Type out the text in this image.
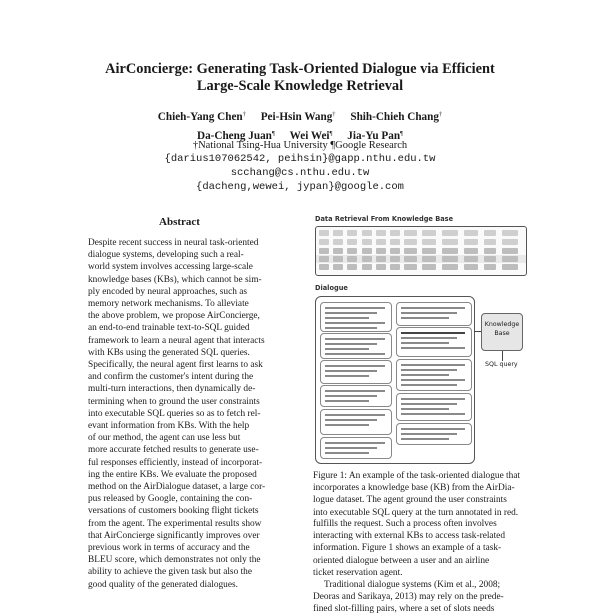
AirConcierge: Generating Task-Oriented Dialogue via Efficient
Large-Scale Knowledge Retrieval
Chieh-Yang Chen† Pei-Hsin Wang† Shih-Chieh Chang†
Da-Cheng Juan¶ Wei Wei¶ Jia-Yu Pan¶
†National Tsing-Hua University ¶Google Research
{darius107062542, peihsin}@gapp.nthu.edu.tw
scchang@cs.nthu.edu.tw
{dacheng,wewei, jypan}@google.com
Abstract
Despite recent success in neural task-oriented
dialogue systems, developing such a real-
world system involves accessing large-scale
knowledge bases (KBs), which cannot be sim-
ply encoded by neural approaches, such as
memory network mechanisms. To alleviate
the above problem, we propose AirConcierge,
an end-to-end trainable text-to-SQL guided
framework to learn a neural agent that interacts
with KBs using the generated SQL queries.
Specifically, the neural agent first learns to ask
and confirm the customer's intent during the
multi-turn interactions, then dynamically de-
termining when to ground the user constraints
into executable SQL queries so as to fetch rel-
evant information from KBs. With the help
of our method, the agent can use less but
more accurate fetched results to generate use-
ful responses efficiently, instead of incorporat-
ing the entire KBs. We evaluate the proposed
method on the AirDialogue dataset, a large cor-
pus released by Google, containing the con-
versations of customers booking flight tickets
from the agent. The experimental results show
that AirConcierge significantly improves over
previous work in terms of accuracy and the
BLEU score, which demonstrates not only the
ability to achieve the given task but also the
good quality of the generated dialogues.
Data Retrieval From Knowledge Base
Dialogue
Knowledge
Base
SQL query
Figure 1: An example of the task-oriented dialogue that
incorporates a knowledge base (KB) from the AirDia-
logue dataset. The agent ground the user constraints
into executable SQL query at the turn annotated in red.
fulfills the request. Such a process often involves
interacting with external KBs to access task-related
information. Figure 1 shows an example of a task-
oriented dialogue between a user and an airline
ticket reservation agent.
Traditional dialogue systems (Kim et al., 2008;
Deoras and Sarikaya, 2013) may rely on the prede-
fined slot-filling pairs, where a set of slots needs
